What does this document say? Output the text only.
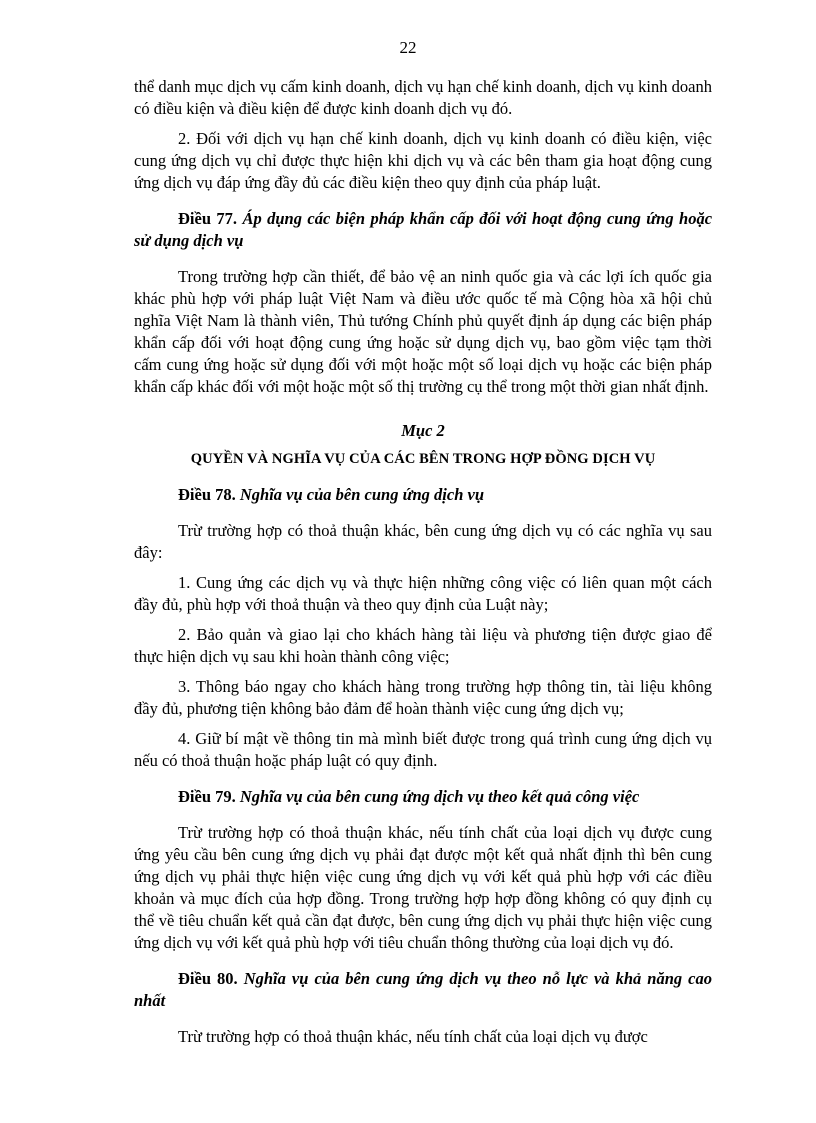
22

thể danh mục dịch vụ cấm kinh doanh, dịch vụ hạn chế kinh doanh, dịch vụ kinh doanh có điều kiện và điều kiện để được kinh doanh dịch vụ đó.

2. Đối với dịch vụ hạn chế kinh doanh, dịch vụ kinh doanh có điều kiện, việc cung ứng dịch vụ chỉ được thực hiện khi dịch vụ và các bên tham gia hoạt động cung ứng dịch vụ đáp ứng đầy đủ các điều kiện theo quy định của pháp luật.

Điều 77. Áp dụng các biện pháp khẩn cấp đối với hoạt động cung ứng hoặc sử dụng dịch vụ

Trong trường hợp cần thiết, để bảo vệ an ninh quốc gia và các lợi ích quốc gia khác phù hợp với pháp luật Việt Nam và điều ước quốc tế mà Cộng hòa xã hội chủ nghĩa Việt Nam là thành viên, Thủ tướng Chính phủ quyết định áp dụng các biện pháp khẩn cấp đối với hoạt động cung ứng hoặc sử dụng dịch vụ, bao gồm việc tạm thời cấm cung ứng hoặc sử dụng đối với một hoặc một số loại dịch vụ hoặc các biện pháp khẩn cấp khác đối với một hoặc một số thị trường cụ thể trong một thời gian nhất định.

Mục 2
QUYỀN VÀ NGHĨA VỤ CỦA CÁC BÊN TRONG HỢP ĐỒNG DỊCH VỤ
Điều 78. Nghĩa vụ của bên cung ứng dịch vụ

Trừ trường hợp có thoả thuận khác, bên cung ứng dịch vụ có các nghĩa vụ sau đây:

1. Cung ứng các dịch vụ và thực hiện những công việc có liên quan một cách đầy đủ, phù hợp với thoả thuận và theo quy định của Luật này;

2. Bảo quản và giao lại cho khách hàng tài liệu và phương tiện được giao để thực hiện dịch vụ sau khi hoàn thành công việc;

3. Thông báo ngay cho khách hàng trong trường hợp thông tin, tài liệu không đầy đủ, phương tiện không bảo đảm để hoàn thành việc cung ứng dịch vụ;

4. Giữ bí mật về thông tin mà mình biết được trong quá trình cung ứng dịch vụ nếu có thoả thuận hoặc pháp luật có quy định.

Điều 79. Nghĩa vụ của bên cung ứng dịch vụ theo kết quả công việc

Trừ trường hợp có thoả thuận khác, nếu tính chất của loại dịch vụ được cung ứng yêu cầu bên cung ứng dịch vụ phải đạt được một kết quả nhất định thì bên cung ứng dịch vụ phải thực hiện việc cung ứng dịch vụ với kết quả phù hợp với các điều khoản và mục đích của hợp đồng. Trong trường hợp hợp đồng không có quy định cụ thể về tiêu chuẩn kết quả cần đạt được, bên cung ứng dịch vụ phải thực hiện việc cung ứng dịch vụ với kết quả phù hợp với tiêu chuẩn thông thường của loại dịch vụ đó.

Điều 80. Nghĩa vụ của bên cung ứng dịch vụ theo nỗ lực và khả năng cao nhất

Trừ trường hợp có thoả thuận khác, nếu tính chất của loại dịch vụ được
